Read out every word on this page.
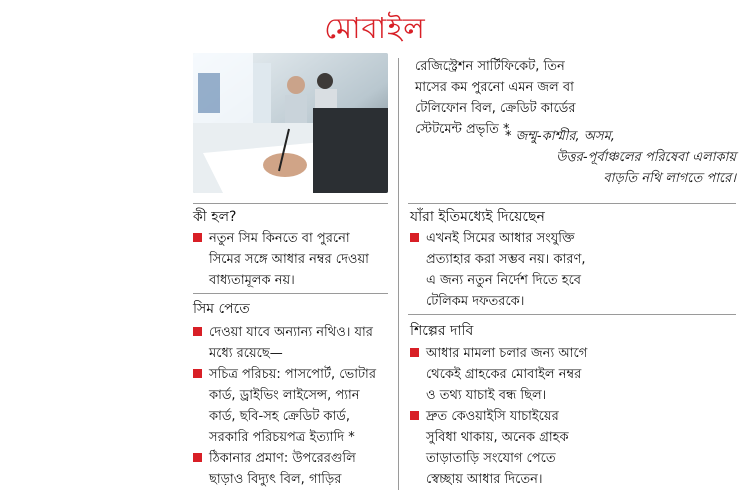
মোবাইল
রেজিস্ট্রেশন সার্টিফিকেট, তিন
মাসের কম পুরনো এমন জল বা
টেলিফোন বিল, ক্রেডিট কার্ডের
স্টেটমেন্ট প্রভৃতি *
* জম্মু-কাশ্মীর, অসম,
উত্তর-পূর্বাঞ্চলের পরিষেবা এলাকায়
বাড়তি নথি লাগতে পারে।
কী হল?
নতুন সিম কিনতে বা পুরনো
সিমের সঙ্গে আধার নম্বর দেওয়া
বাধ্যতামূলক নয়।
সিম পেতে
দেওয়া যাবে অন্যান্য নথিও। যার
মধ্যে রয়েছে—
সচিত্র পরিচয়: পাসপোর্ট, ভোটার
কার্ড, ড্রাইভিং লাইসেন্স, প্যান
কার্ড, ছবি-সহ ক্রেডিট কার্ড,
সরকারি পরিচয়পত্র ইত্যাদি *
ঠিকানার প্রমাণ: উপরেরগুলি
ছাড়াও বিদ্যুৎ বিল, গাড়ির
যাঁরা ইতিমধ্যেই দিয়েছেন
এখনই সিমের আধার সংযুক্তি
প্রত্যাহার করা সম্ভব নয়। কারণ,
এ জন্য নতুন নির্দেশ দিতে হবে
টেলিকম দফতরকে।
শিল্পের দাবি
আধার মামলা চলার জন্য আগে
থেকেই গ্রাহকের মোবাইল নম্বর
ও তথ্য যাচাই বন্ধ ছিল।
দ্রুত কেওয়াইসি যাচাইয়ের
সুবিধা থাকায়, অনেক গ্রাহক
তাড়াতাড়ি সংযোগ পেতে
স্বেচ্ছায় আধার দিতেন।
